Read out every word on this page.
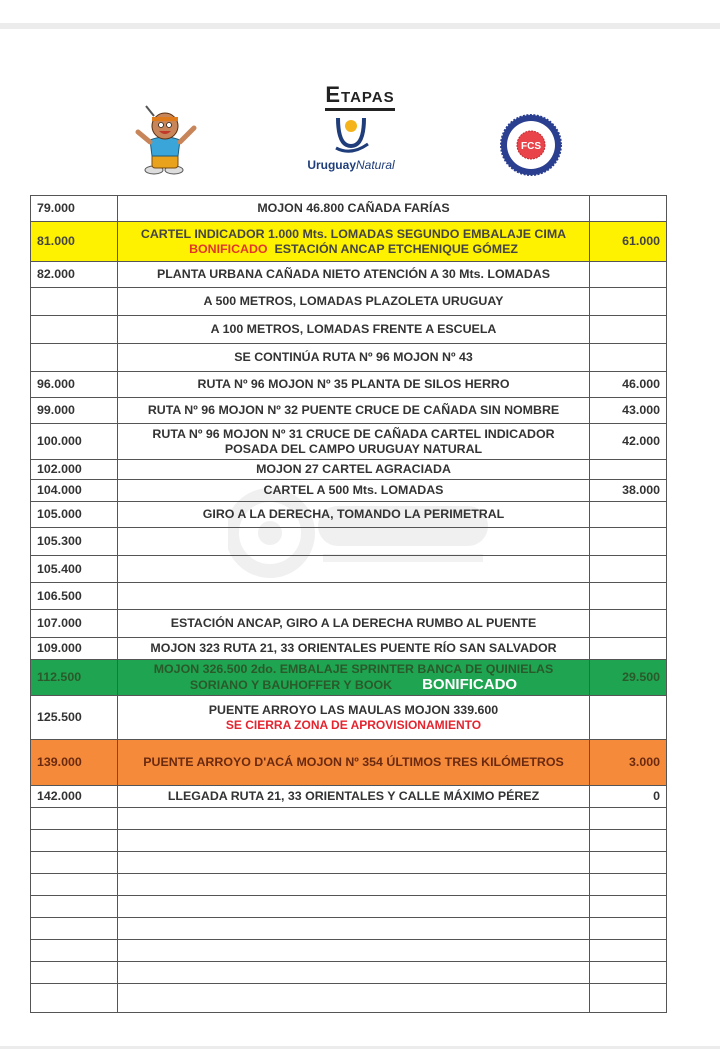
Etapas
UruguayNatural
FCS
79.000	MOJON 46.800 CAÑADA FARÍAS	
81.000	CARTEL INDICADOR 1.000 Mts. LOMADAS SEGUNDO EMBALAJE CIMA
BONIFICADO ESTACIÓN ANCAP ETCHENIQUE GÓMEZ	61.000
82.000	PLANTA URBANA CAÑADA NIETO ATENCIÓN A 30 Mts. LOMADAS	
	A 500 METROS, LOMADAS PLAZOLETA URUGUAY	
	A 100 METROS, LOMADAS FRENTE A ESCUELA	
	SE CONTINÚA RUTA Nº 96 MOJON Nº 43	
96.000	RUTA Nº 96 MOJON Nº 35 PLANTA DE SILOS HERRO	46.000
99.000	RUTA Nº 96 MOJON Nº 32 PUENTE CRUCE DE CAÑADA SIN NOMBRE	43.000
100.000	RUTA Nº 96 MOJON Nº 31 CRUCE DE CAÑADA CARTEL INDICADOR
POSADA DEL CAMPO URUGUAY NATURAL	42.000
102.000	MOJON 27 CARTEL AGRACIADA	
104.000	CARTEL A 500 Mts. LOMADAS	38.000
105.000	GIRO A LA DERECHA, TOMANDO LA PERIMETRAL	
105.300		
105.400		
106.500		
107.000	ESTACIÓN ANCAP, GIRO A LA DERECHA RUMBO AL PUENTE	
109.000	MOJON 323 RUTA 21, 33 ORIENTALES PUENTE RÍO SAN SALVADOR	
112.500	MOJON 326.500 2do. EMBALAJE SPRINTER BANCA DE QUINIELAS
SORIANO Y BAUHOFFER Y BOOK BONIFICADO	29.500
125.500	PUENTE ARROYO LAS MAULAS MOJON 339.600
SE CIERRA ZONA DE APROVISIONAMIENTO	
139.000	PUENTE ARROYO D'ACÁ MOJON Nº 354 ÚLTIMOS TRES KILÓMETROS	3.000
142.000	LLEGADA RUTA 21, 33 ORIENTALES Y CALLE MÁXIMO PÉREZ	0
